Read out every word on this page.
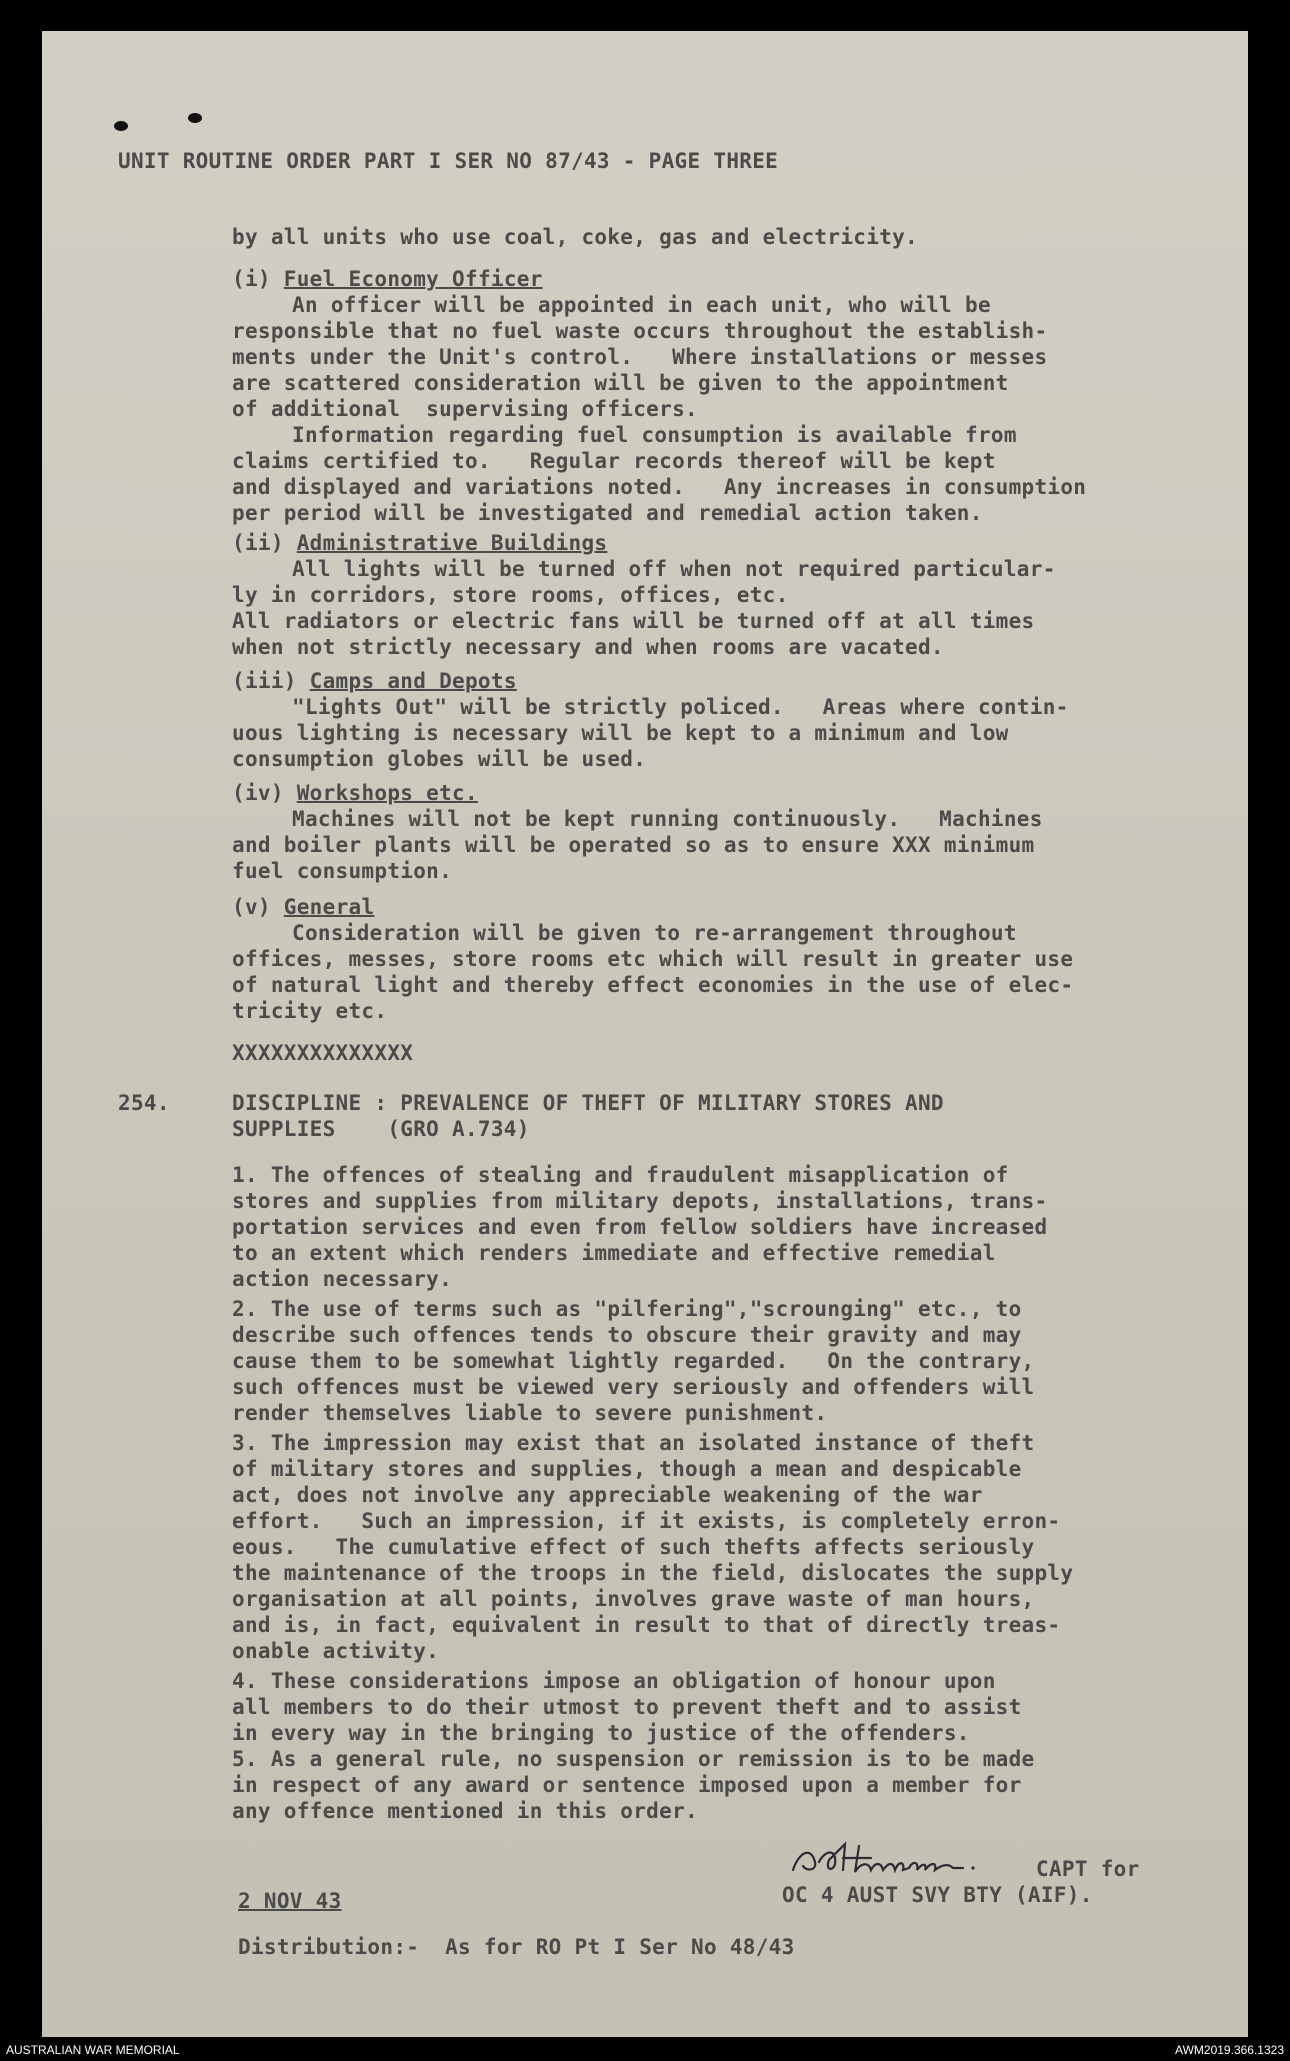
UNIT ROUTINE ORDER PART I SER NO 87/43 - PAGE THREE
by all units who use coal, coke, gas and electricity.
(i) Fuel Economy Officer
An officer will be appointed in each unit, who will be
responsible that no fuel waste occurs throughout the establish-
ments under the Unit's control.   Where installations or messes
are scattered consideration will be given to the appointment
of additional  supervising officers.
Information regarding fuel consumption is available from
claims certified to.   Regular records thereof will be kept
and displayed and variations noted.   Any increases in consumption
per period will be investigated and remedial action taken.
(ii) Administrative Buildings
All lights will be turned off when not required particular-
ly in corridors, store rooms, offices, etc.
All radiators or electric fans will be turned off at all times
when not strictly necessary and when rooms are vacated.
(iii) Camps and Depots
"Lights Out" will be strictly policed.   Areas where contin-
uous lighting is necessary will be kept to a minimum and low
consumption globes will be used.
(iv) Workshops etc.
Machines will not be kept running continuously.   Machines
and boiler plants will be operated so as to ensure XXX minimum
fuel consumption.
(v) General
Consideration will be given to re-arrangement throughout
offices, messes, store rooms etc which will result in greater use
of natural light and thereby effect economies in the use of elec-
tricity etc.
XXXXXXXXXXXXXX
254.	DISCIPLINE : PREVALENCE OF THEFT OF MILITARY STORES AND
SUPPLIES    (GRO A.734)
1. The offences of stealing and fraudulent misapplication of
stores and supplies from military depots, installations, trans-
portation services and even from fellow soldiers have increased
to an extent which renders immediate and effective remedial
action necessary.
2. The use of terms such as "pilfering","scrounging" etc., to
describe such offences tends to obscure their gravity and may
cause them to be somewhat lightly regarded.   On the contrary,
such offences must be viewed very seriously and offenders will
render themselves liable to severe punishment.
3. The impression may exist that an isolated instance of theft
of military stores and supplies, though a mean and despicable
act, does not involve any appreciable weakening of the war
effort.   Such an impression, if it exists, is completely erron-
eous.   The cumulative effect of such thefts affects seriously
the maintenance of the troops in the field, dislocates the supply
organisation at all points, involves grave waste of man hours,
and is, in fact, equivalent in result to that of directly treas-
onable activity.
4. These considerations impose an obligation of honour upon
all members to do their utmost to prevent theft and to assist
in every way in the bringing to justice of the offenders.
5. As a general rule, no suspension or remission is to be made
in respect of any award or sentence imposed upon a member for
any offence mentioned in this order.
CAPT for
OC 4 AUST SVY BTY (AIF).
2 NOV 43
Distribution:-  As for RO Pt I Ser No 48/43
AUSTRALIAN WAR MEMORIAL	AWM2019.366.1323
